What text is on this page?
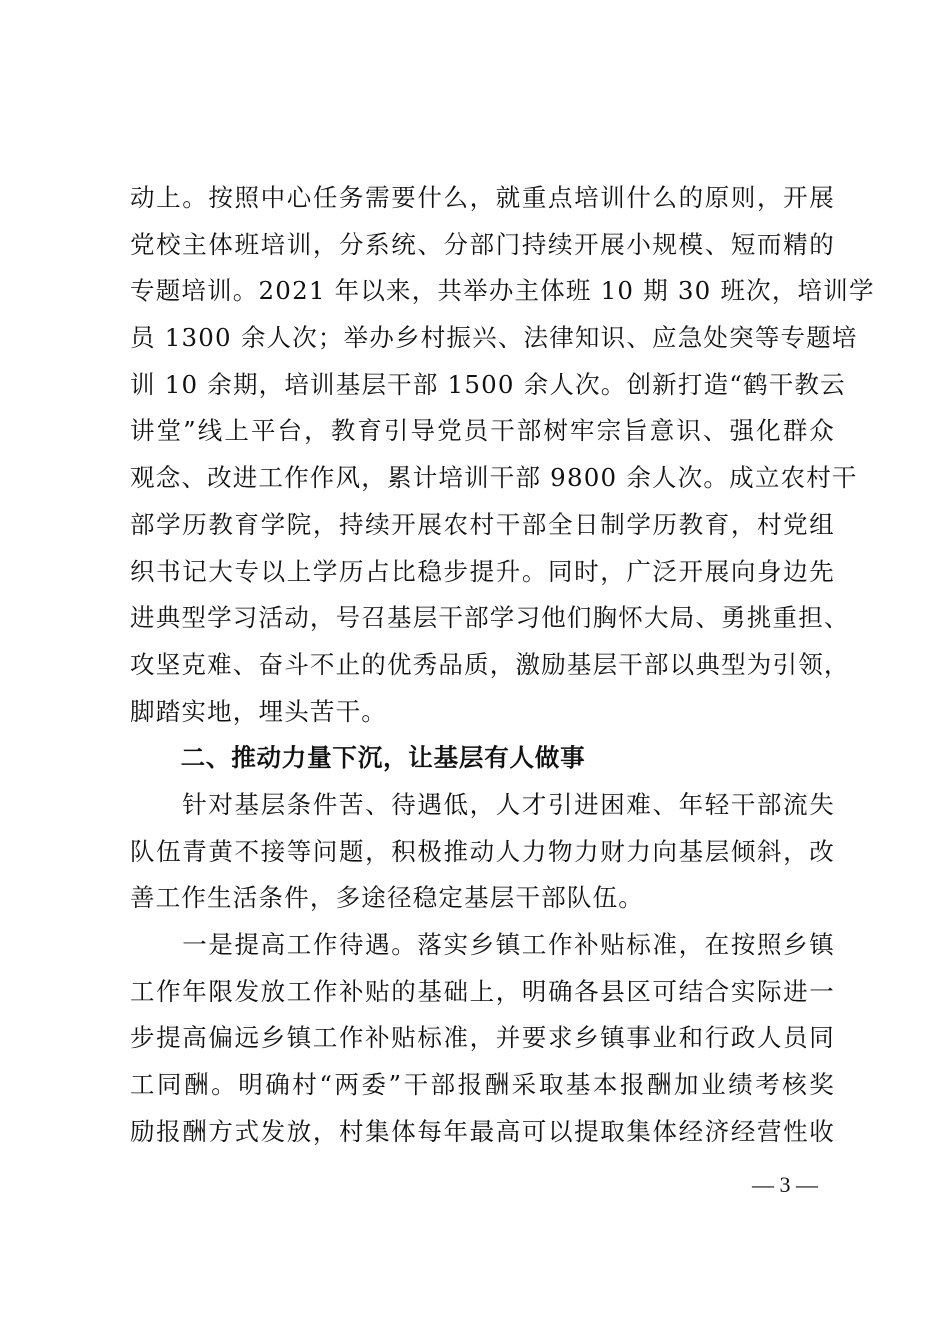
动上。按照中心任务需要什么，就重点培训什么的原则，开展
党校主体班培训，分系统、分部门持续开展小规模、短而精的
专题培训。2021 年以来，共举办主体班 10 期 30 班次，培训学
员 1300 余人次；举办乡村振兴、法律知识、应急处突等专题培
训 10 余期，培训基层干部 1500 余人次。创新打造“鹤干教云
讲堂”线上平台，教育引导党员干部树牢宗旨意识、强化群众
观念、改进工作作风，累计培训干部 9800 余人次。成立农村干
部学历教育学院，持续开展农村干部全日制学历教育，村党组
织书记大专以上学历占比稳步提升。同时，广泛开展向身边先
进典型学习活动，号召基层干部学习他们胸怀大局、勇挑重担、
攻坚克难、奋斗不止的优秀品质，激励基层干部以典型为引领，
脚踏实地，埋头苦干。
　　二、推动力量下沉，让基层有人做事
　　针对基层条件苦、待遇低，人才引进困难、年轻干部流失
队伍青黄不接等问题，积极推动人力物力财力向基层倾斜，改
善工作生活条件，多途径稳定基层干部队伍。
　　一是提高工作待遇。落实乡镇工作补贴标准，在按照乡镇
工作年限发放工作补贴的基础上，明确各县区可结合实际进一
步提高偏远乡镇工作补贴标准，并要求乡镇事业和行政人员同
工同酬。明确村“两委”干部报酬采取基本报酬加业绩考核奖
励报酬方式发放，村集体每年最高可以提取集体经济经营性收
— 3 —
